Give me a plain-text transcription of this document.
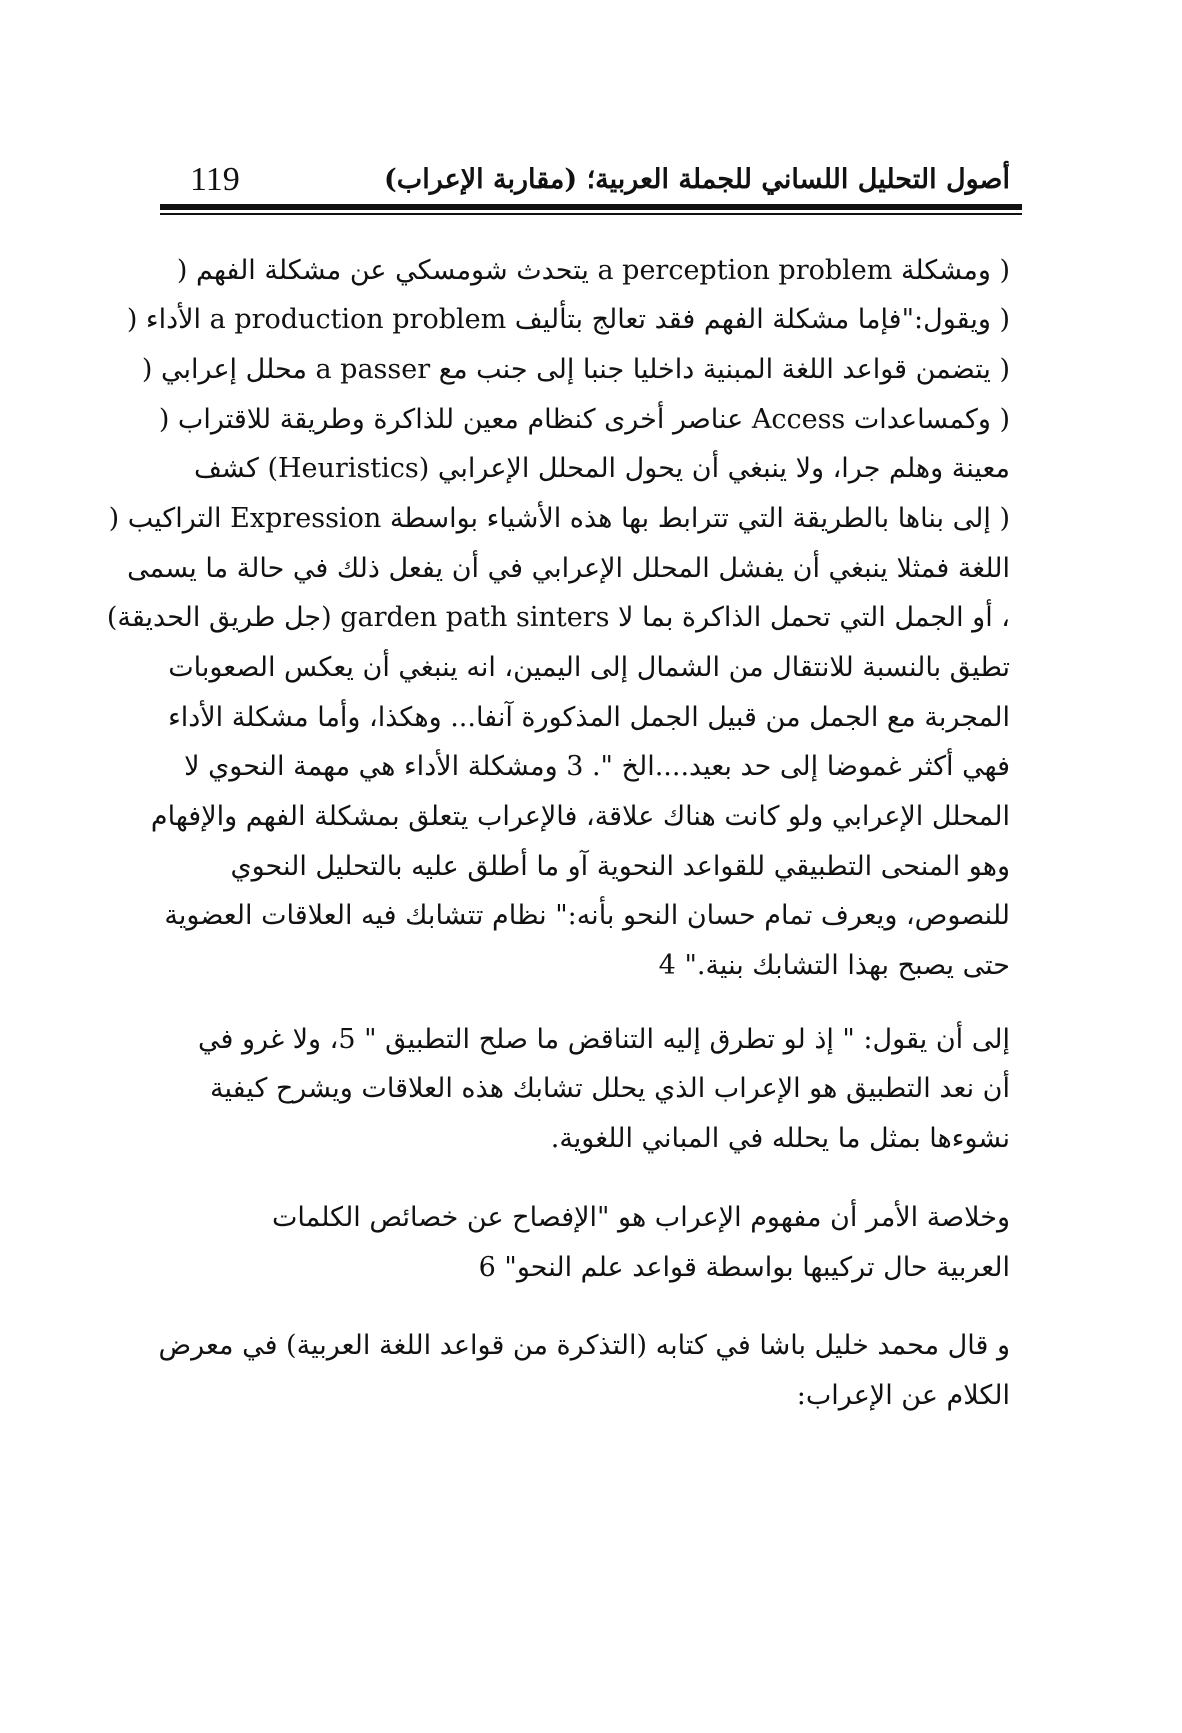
119	أصول التحليل اللساني للجملة العربية؛ (مقاربة الإعراب)
( ومشكلة a perception problem يتحدث شومسكي عن مشكلة الفهم (
( ويقول:"فإما مشكلة الفهم فقد تعالج بتأليف a production problem الأداء (
( يتضمن قواعد اللغة المبنية داخليا جنبا إلى جنب مع a passer محلل إعرابي (
( وكمساعدات Access عناصر أخرى كنظام معين للذاكرة وطريقة للاقتراب (
معينة وهلم جرا، ولا ينبغي أن يحول المحلل الإعرابي (Heuristics) كشف
( إلى بناها بالطريقة التي تترابط بها هذه الأشياء بواسطة Expression التراكيب (
اللغة فمثلا ينبغي أن يفشل المحلل الإعرابي في أن يفعل ذلك في حالة ما يسمى
، أو الجمل التي تحمل الذاكرة بما لا garden path sinters (جل طريق الحديقة)
تطيق بالنسبة للانتقال من الشمال إلى اليمين، انه ينبغي أن يعكس الصعوبات
المجربة مع الجمل من قبيل الجمل المذكورة آنفا... وهكذا، وأما مشكلة الأداء
فهي أكثر غموضا إلى حد بعيد....الخ ". 3 ومشكلة الأداء هي مهمة النحوي لا
المحلل الإعرابي ولو كانت هناك علاقة، فالإعراب يتعلق بمشكلة الفهم والإفهام
وهو المنحى التطبيقي للقواعد النحوية آو ما أطلق عليه بالتحليل النحوي
للنصوص، ويعرف تمام حسان النحو بأنه:" نظام تتشابك فيه العلاقات العضوية
حتى يصبح بهذا التشابك بنية." 4
إلى أن يقول: " إذ لو تطرق إليه التناقض ما صلح التطبيق " 5، ولا غرو في
أن نعد التطبيق هو الإعراب الذي يحلل تشابك هذه العلاقات ويشرح كيفية
نشوءها بمثل ما يحلله في المباني اللغوية.
وخلاصة الأمر أن مفهوم الإعراب هو "الإفصاح عن خصائص الكلمات
العربية حال تركيبها بواسطة قواعد علم النحو" 6
و قال محمد خليل باشا في كتابه (التذكرة من قواعد اللغة العربية) في معرض
الكلام عن الإعراب:
